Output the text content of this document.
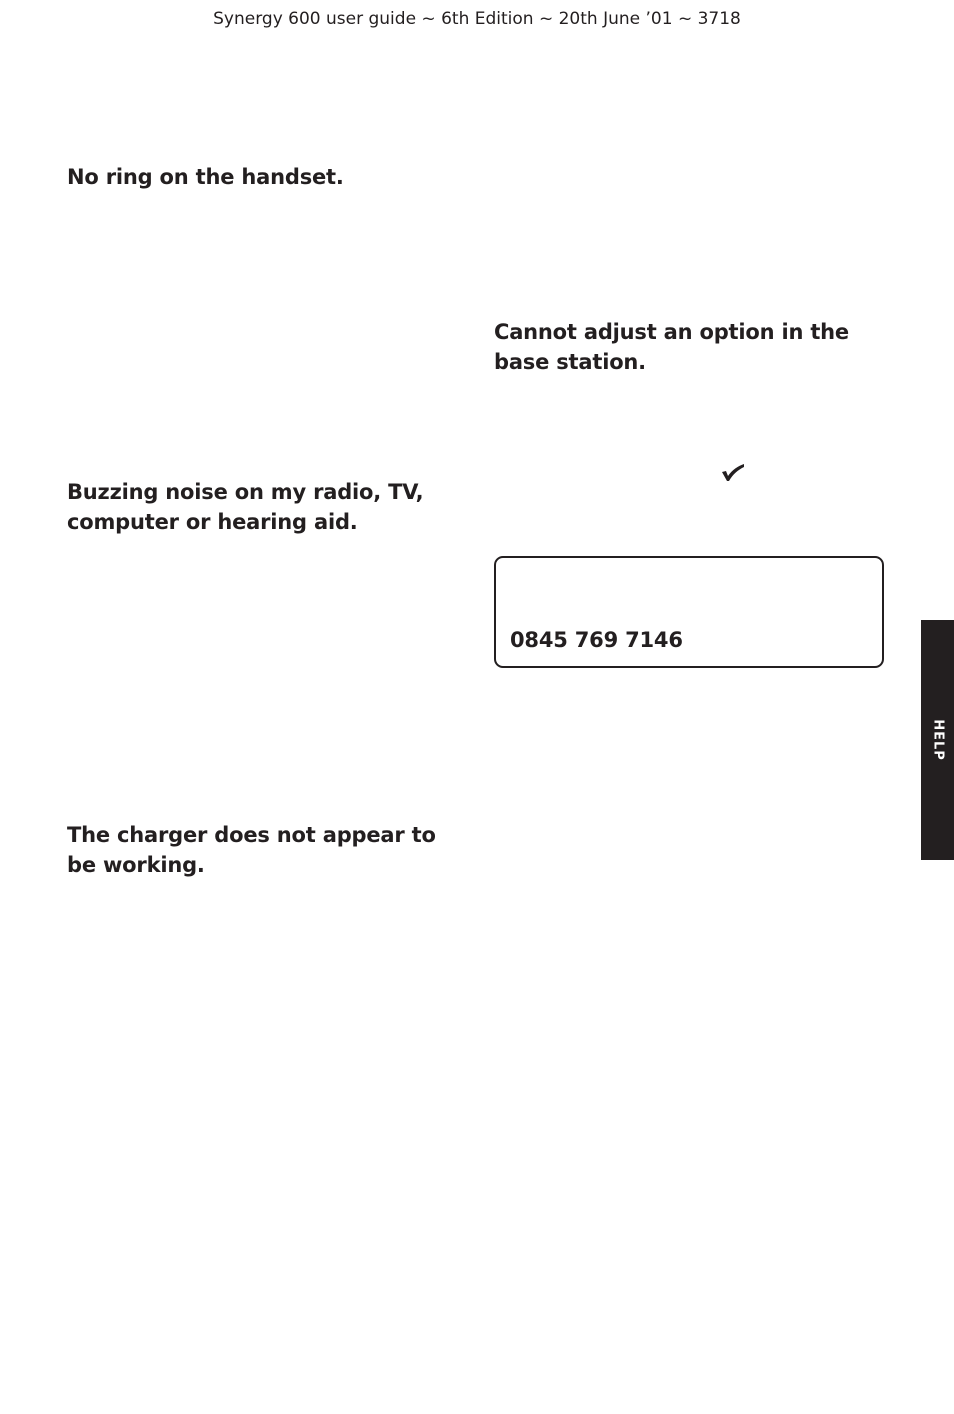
Synergy 600 user guide ~ 6th Edition ~ 20th June ’01 ~ 3718
No ring on the handset.
Cannot adjust an option in the base station.
Buzzing noise on my radio, TV, computer or hearing aid.
0845 769 7146
The charger does not appear to be working.
HELP
